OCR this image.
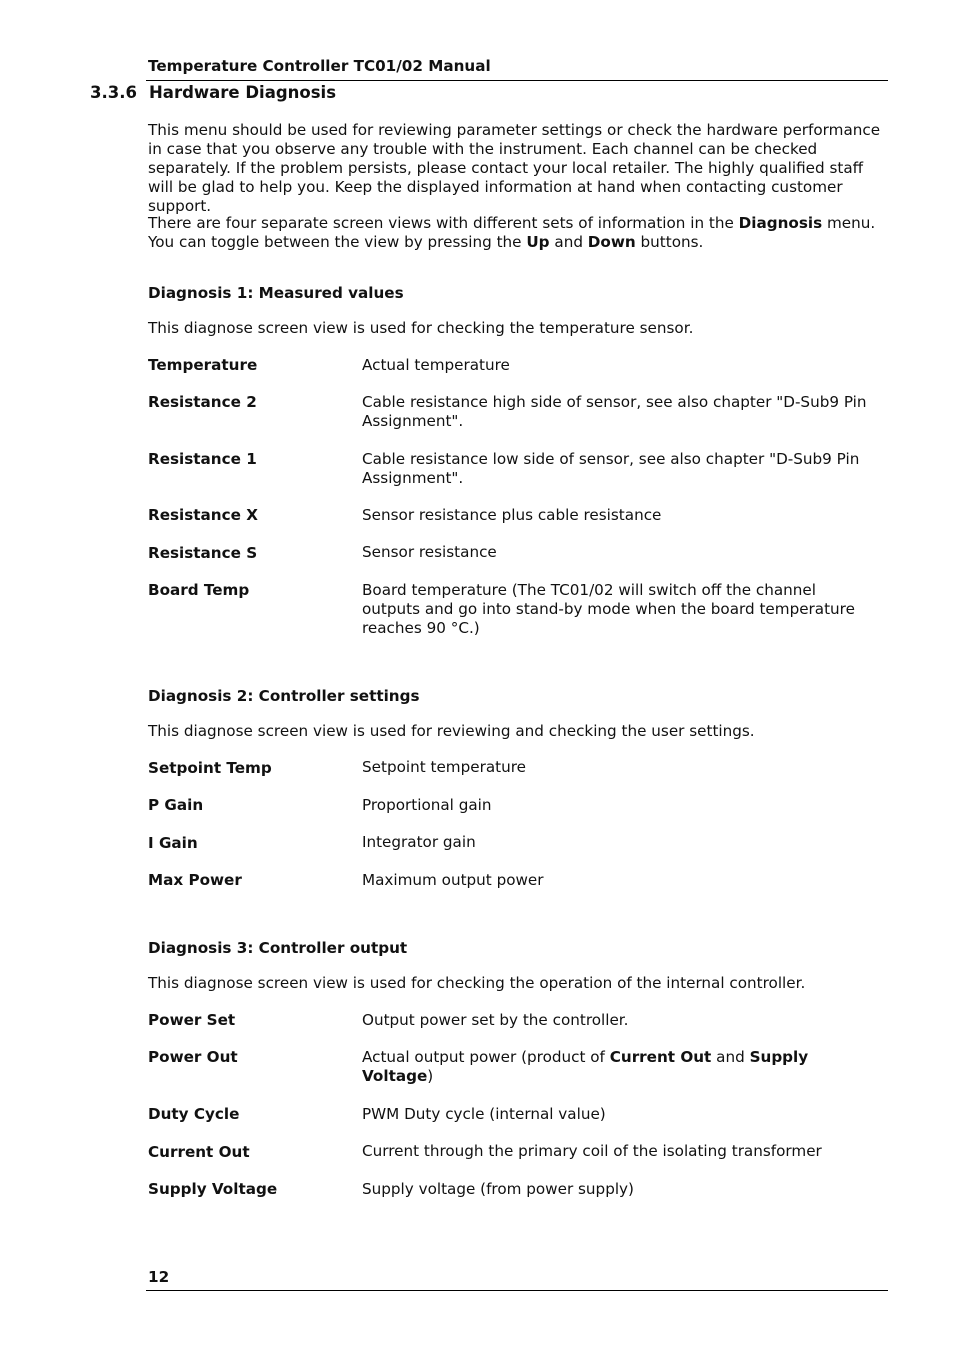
Temperature Controller TC01/02 Manual
3.3.6 Hardware Diagnosis
This menu should be used for reviewing parameter settings or check the hardware performance in case that you observe any trouble with the instrument. Each channel can be checked separately. If the problem persists, please contact your local retailer. The highly qualified staff will be glad to help you. Keep the displayed information at hand when contacting customer support.
There are four separate screen views with different sets of information in the Diagnosis menu. You can toggle between the view by pressing the Up and Down buttons.
Diagnosis 1: Measured values
This diagnose screen view is used for checking the temperature sensor.
Temperature	Actual temperature
Resistance 2	Cable resistance high side of sensor, see also chapter "D-Sub9 Pin Assignment".
Resistance 1	Cable resistance low side of sensor, see also chapter "D-Sub9 Pin Assignment".
Resistance X	Sensor resistance plus cable resistance
Resistance S	Sensor resistance
Board Temp	Board temperature (The TC01/02 will switch off the channel outputs and go into stand-by mode when the board temperature reaches 90 °C.)
Diagnosis 2: Controller settings
This diagnose screen view is used for reviewing and checking the user settings.
Setpoint Temp	Setpoint temperature
P Gain	Proportional gain
I Gain	Integrator gain
Max Power	Maximum output power
Diagnosis 3: Controller output
This diagnose screen view is used for checking the operation of the internal controller.
Power Set	Output power set by the controller.
Power Out	Actual output power (product of Current Out and Supply Voltage)
Duty Cycle	PWM Duty cycle (internal value)
Current Out	Current through the primary coil of the isolating transformer
Supply Voltage	Supply voltage (from power supply)
12
